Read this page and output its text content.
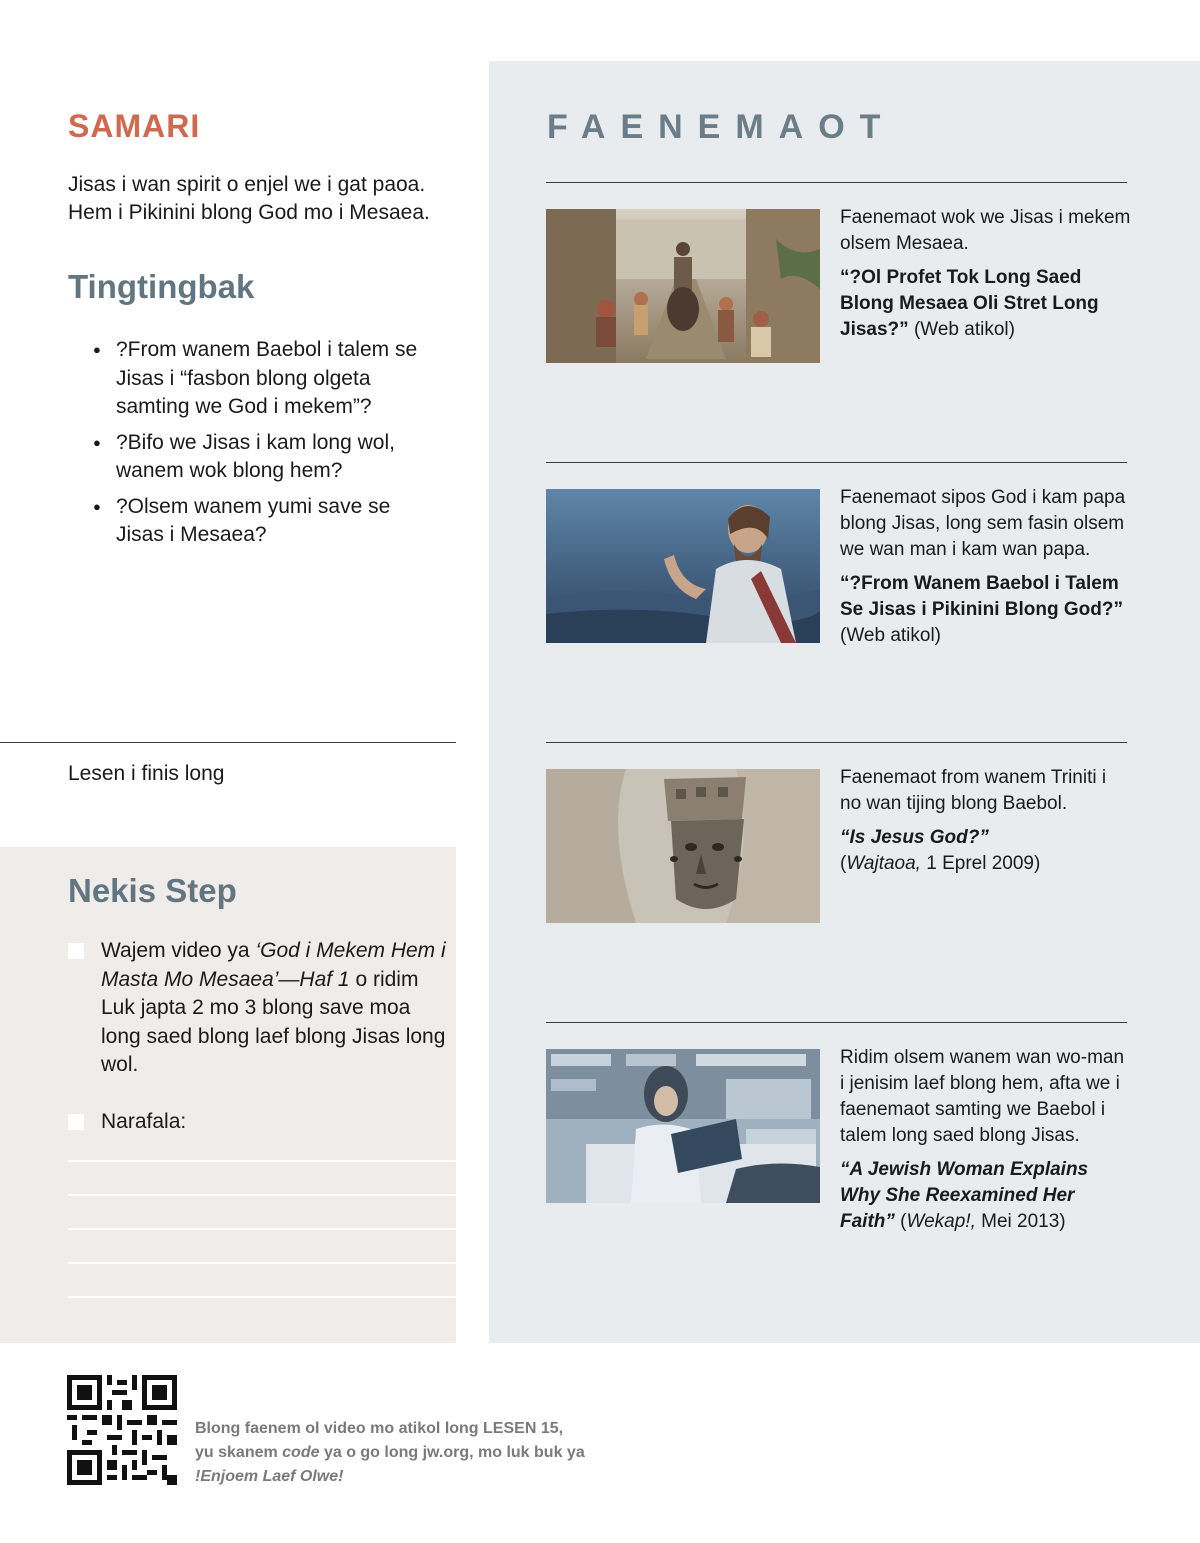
SAMARI

Jisas i wan spirit o enjel we i gat paoa. Hem i Pikinini blong God mo i Mesaea.

Tingtingbak
● ?From wanem Baebol i talem se Jisas i “fasbon blong olgeta samting we God i mekem”?
● ?Bifo we Jisas i kam long wol, wanem wok blong hem?
● ?Olsem wanem yumi save se Jisas i Mesaea?
Lesen i finis long
Nekis Step
Wajem video ya ‘God i Mekem Hem i Masta Mo Mesaea’—Haf 1 o ridim Luk japta 2 mo 3 blong save moa long saed blong laef blong Jisas long wol.
Narafala:
FAENEMAOT
Faenemaot wok we Jisas i mekem olsem Mesaea.
“?Ol Profet Tok Long Saed Blong Mesaea Oli Stret Long Jisas?” (Web atikol)
Faenemaot sipos God i kam papa blong Jisas, long sem fasin olsem we wan man i kam wan papa.
“?From Wanem Baebol i Talem Se Jisas i Pikinini Blong God?”
(Web atikol)
Faenemaot from wanem Triniti i no wan tijing blong Baebol.
“Is Jesus God?”
(Wajtaoa, 1 Eprel 2009)
Ridim olsem wanem wan wo-man i jenisim laef blong hem, afta we i faenemaot samting we Baebol i talem long saed blong Jisas.
“A Jewish Woman Explains Why She Reexamined Her Faith” (Wekap!, Mei 2013)
Blong faenem ol video mo atikol long LESEN 15,
yu skanem code ya o go long jw.org, mo luk buk ya
!Enjoem Laef Olwe!
